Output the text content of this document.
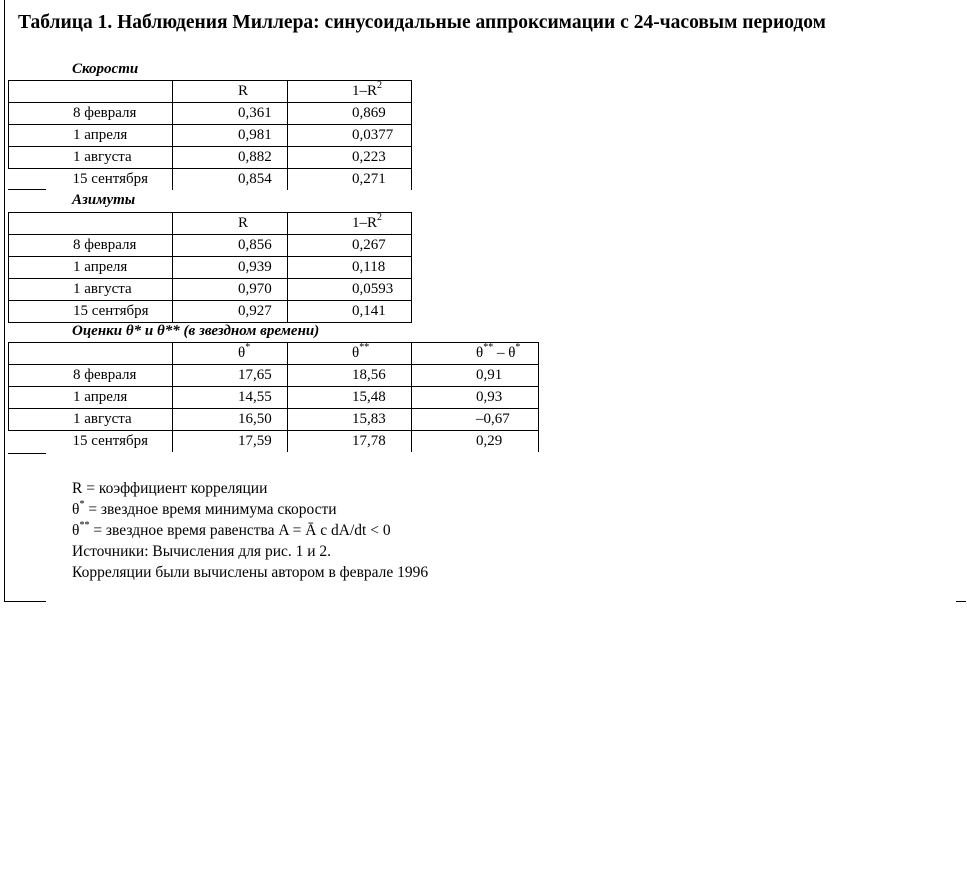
Таблица 1. Наблюдения Миллера: синусоидальные аппроксимации с 24-часовым периодом
Скорости
	R	$1-R^2$
8 февраля	0,361	0,869
1 апреля	0,981	0,0377
1 августа	0,882	0,223
15 сентября	0,854	0,271
Азимуты
	R	$1-R^2$
8 февраля	0,856	0,267
1 апреля	0,939	0,118
1 августа	0,970	0,0593
15 сентября	0,927	0,141
Оценки θ* и θ** (в звездном времени)
	θ*	θ**	θ** – θ*
8 февраля	17,65	18,56	0,91
1 апреля	14,55	15,48	0,93
1 августа	16,50	15,83	–0,67
15 сентября	17,59	17,78	0,29
R = коэффициент корреляции
θ* = звездное время минимума скорости
θ** = звездное время равенства A = Ā c dA/dt < 0
Источники: Вычисления для рис. 1 и 2.
Корреляции были вычислены автором в феврале 1996
